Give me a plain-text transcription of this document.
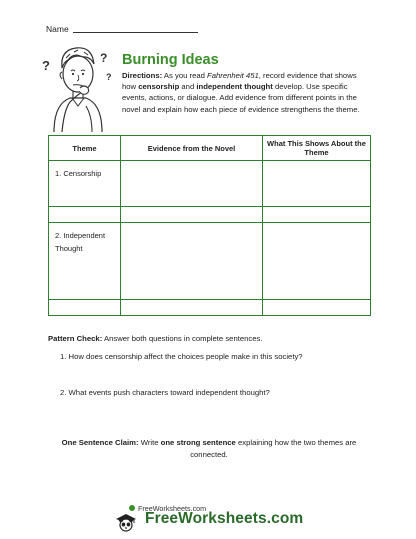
Name
?	?
?
Burning Ideas
Directions: As you read Fahrenheit 451, record evidence that shows how censorship and independent thought develop. Use specific events, actions, or dialogue. Add evidence from different points in the novel and explain how each piece of evidence strengthens the theme.
Theme	Evidence from the Novel	What This Shows About the Theme

1. Censorship		

2. Independent Thought		

Pattern Check: Answer both questions in complete sentences.
1. How does censorship affect the choices people make in this society?
2. What events push characters toward independent thought?
One Sentence Claim: Write one strong sentence explaining how the two themes are connected.
FreeWorksheets.com
FreeWorksheets.com
